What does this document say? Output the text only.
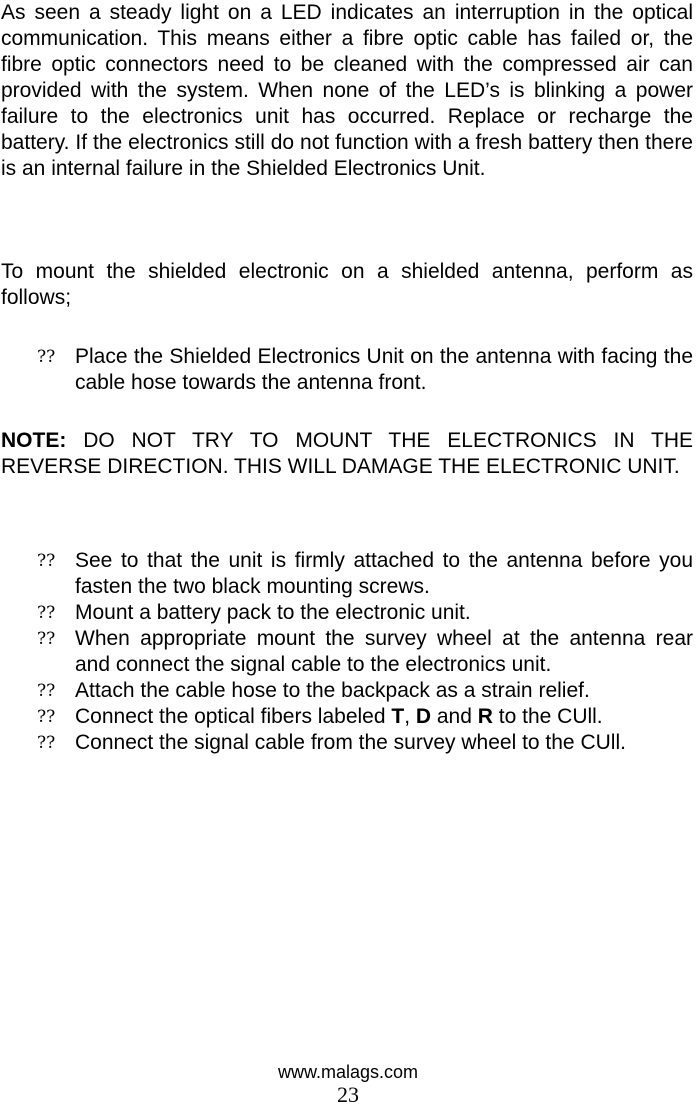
As seen a steady light on a LED indicates an interruption in the optical communication. This means either a fibre optic cable has failed or, the fibre optic connectors need to be cleaned with the compressed air can provided with the system. When none of the LED’s is blinking a power failure to the electronics unit has occurred. Replace or recharge the battery. If the electronics still do not function with a fresh battery then there is an internal failure in the Shielded Electronics Unit.

To mount the shielded electronic on a shielded antenna, perform as follows;

?? Place the Shielded Electronics Unit on the antenna with facing the cable hose towards the antenna front.

NOTE: DO NOT TRY TO MOUNT THE ELECTRONICS IN THE REVERSE DIRECTION. THIS WILL DAMAGE THE ELECTRONIC UNIT.

?? See to that the unit is firmly attached to the antenna before you fasten the two black mounting screws.
?? Mount a battery pack to the electronic unit.
?? When appropriate mount the survey wheel at the antenna rear and connect the signal cable to the electronics unit.
?? Attach the cable hose to the backpack as a strain relief.
?? Connect the optical fibers labeled T, D and R to the CUll.
?? Connect the signal cable from the survey wheel to the CUll.
www.malags.com
23
